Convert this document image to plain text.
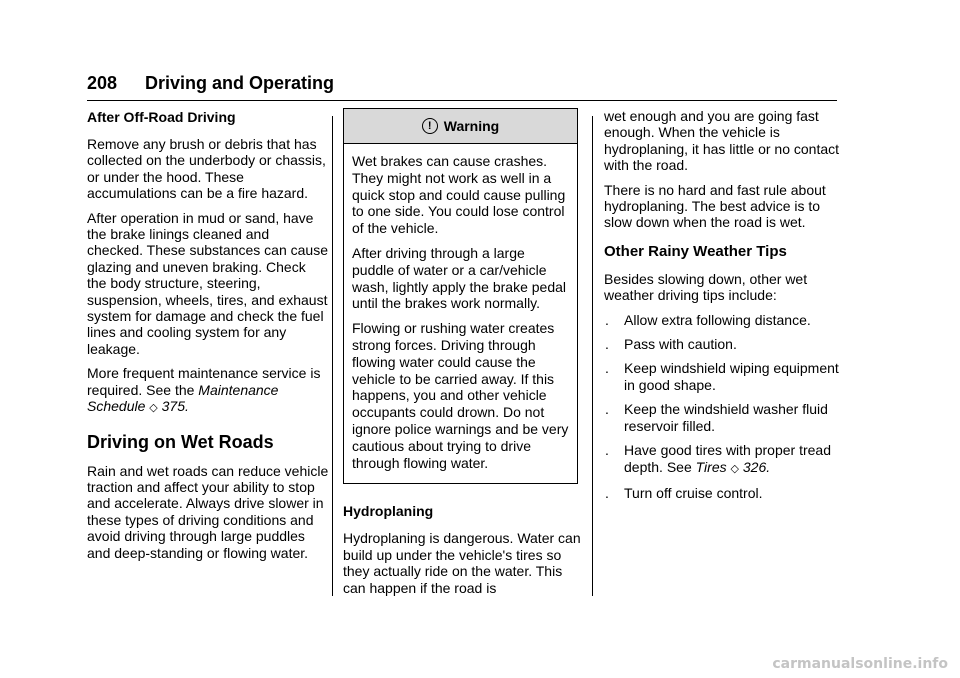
208 Driving and Operating
After Off-Road Driving

Remove any brush or debris that has collected on the underbody or chassis, or under the hood. These accumulations can be a fire hazard.

After operation in mud or sand, have the brake linings cleaned and checked. These substances can cause glazing and uneven braking. Check the body structure, steering, suspension, wheels, tires, and exhaust system for damage and check the fuel lines and cooling system for any leakage.

More frequent maintenance service is required. See the Maintenance Schedule ◇ 375.

Driving on Wet Roads

Rain and wet roads can reduce vehicle traction and affect your ability to stop and accelerate. Always drive slower in these types of driving conditions and avoid driving through large puddles and deep-standing or flowing water.

! Warning

Wet brakes can cause crashes. They might not work as well in a quick stop and could cause pulling to one side. You could lose control of the vehicle.

After driving through a large puddle of water or a car/vehicle wash, lightly apply the brake pedal until the brakes work normally.

Flowing or rushing water creates strong forces. Driving through flowing water could cause the vehicle to be carried away. If this happens, you and other vehicle occupants could drown. Do not ignore police warnings and be very cautious about trying to drive through flowing water.

Hydroplaning

Hydroplaning is dangerous. Water can build up under the vehicle's tires so they actually ride on the water. This can happen if the road is

wet enough and you are going fast enough. When the vehicle is hydroplaning, it has little or no contact with the road.

There is no hard and fast rule about hydroplaning. The best advice is to slow down when the road is wet.

Other Rainy Weather Tips

Besides slowing down, other wet weather driving tips include:

. Allow extra following distance.
. Pass with caution.
. Keep windshield wiping equipment in good shape.
. Keep the windshield washer fluid reservoir filled.
. Have good tires with proper tread depth. See Tires ◇ 326.
. Turn off cruise control.
carmanualsonline.info
